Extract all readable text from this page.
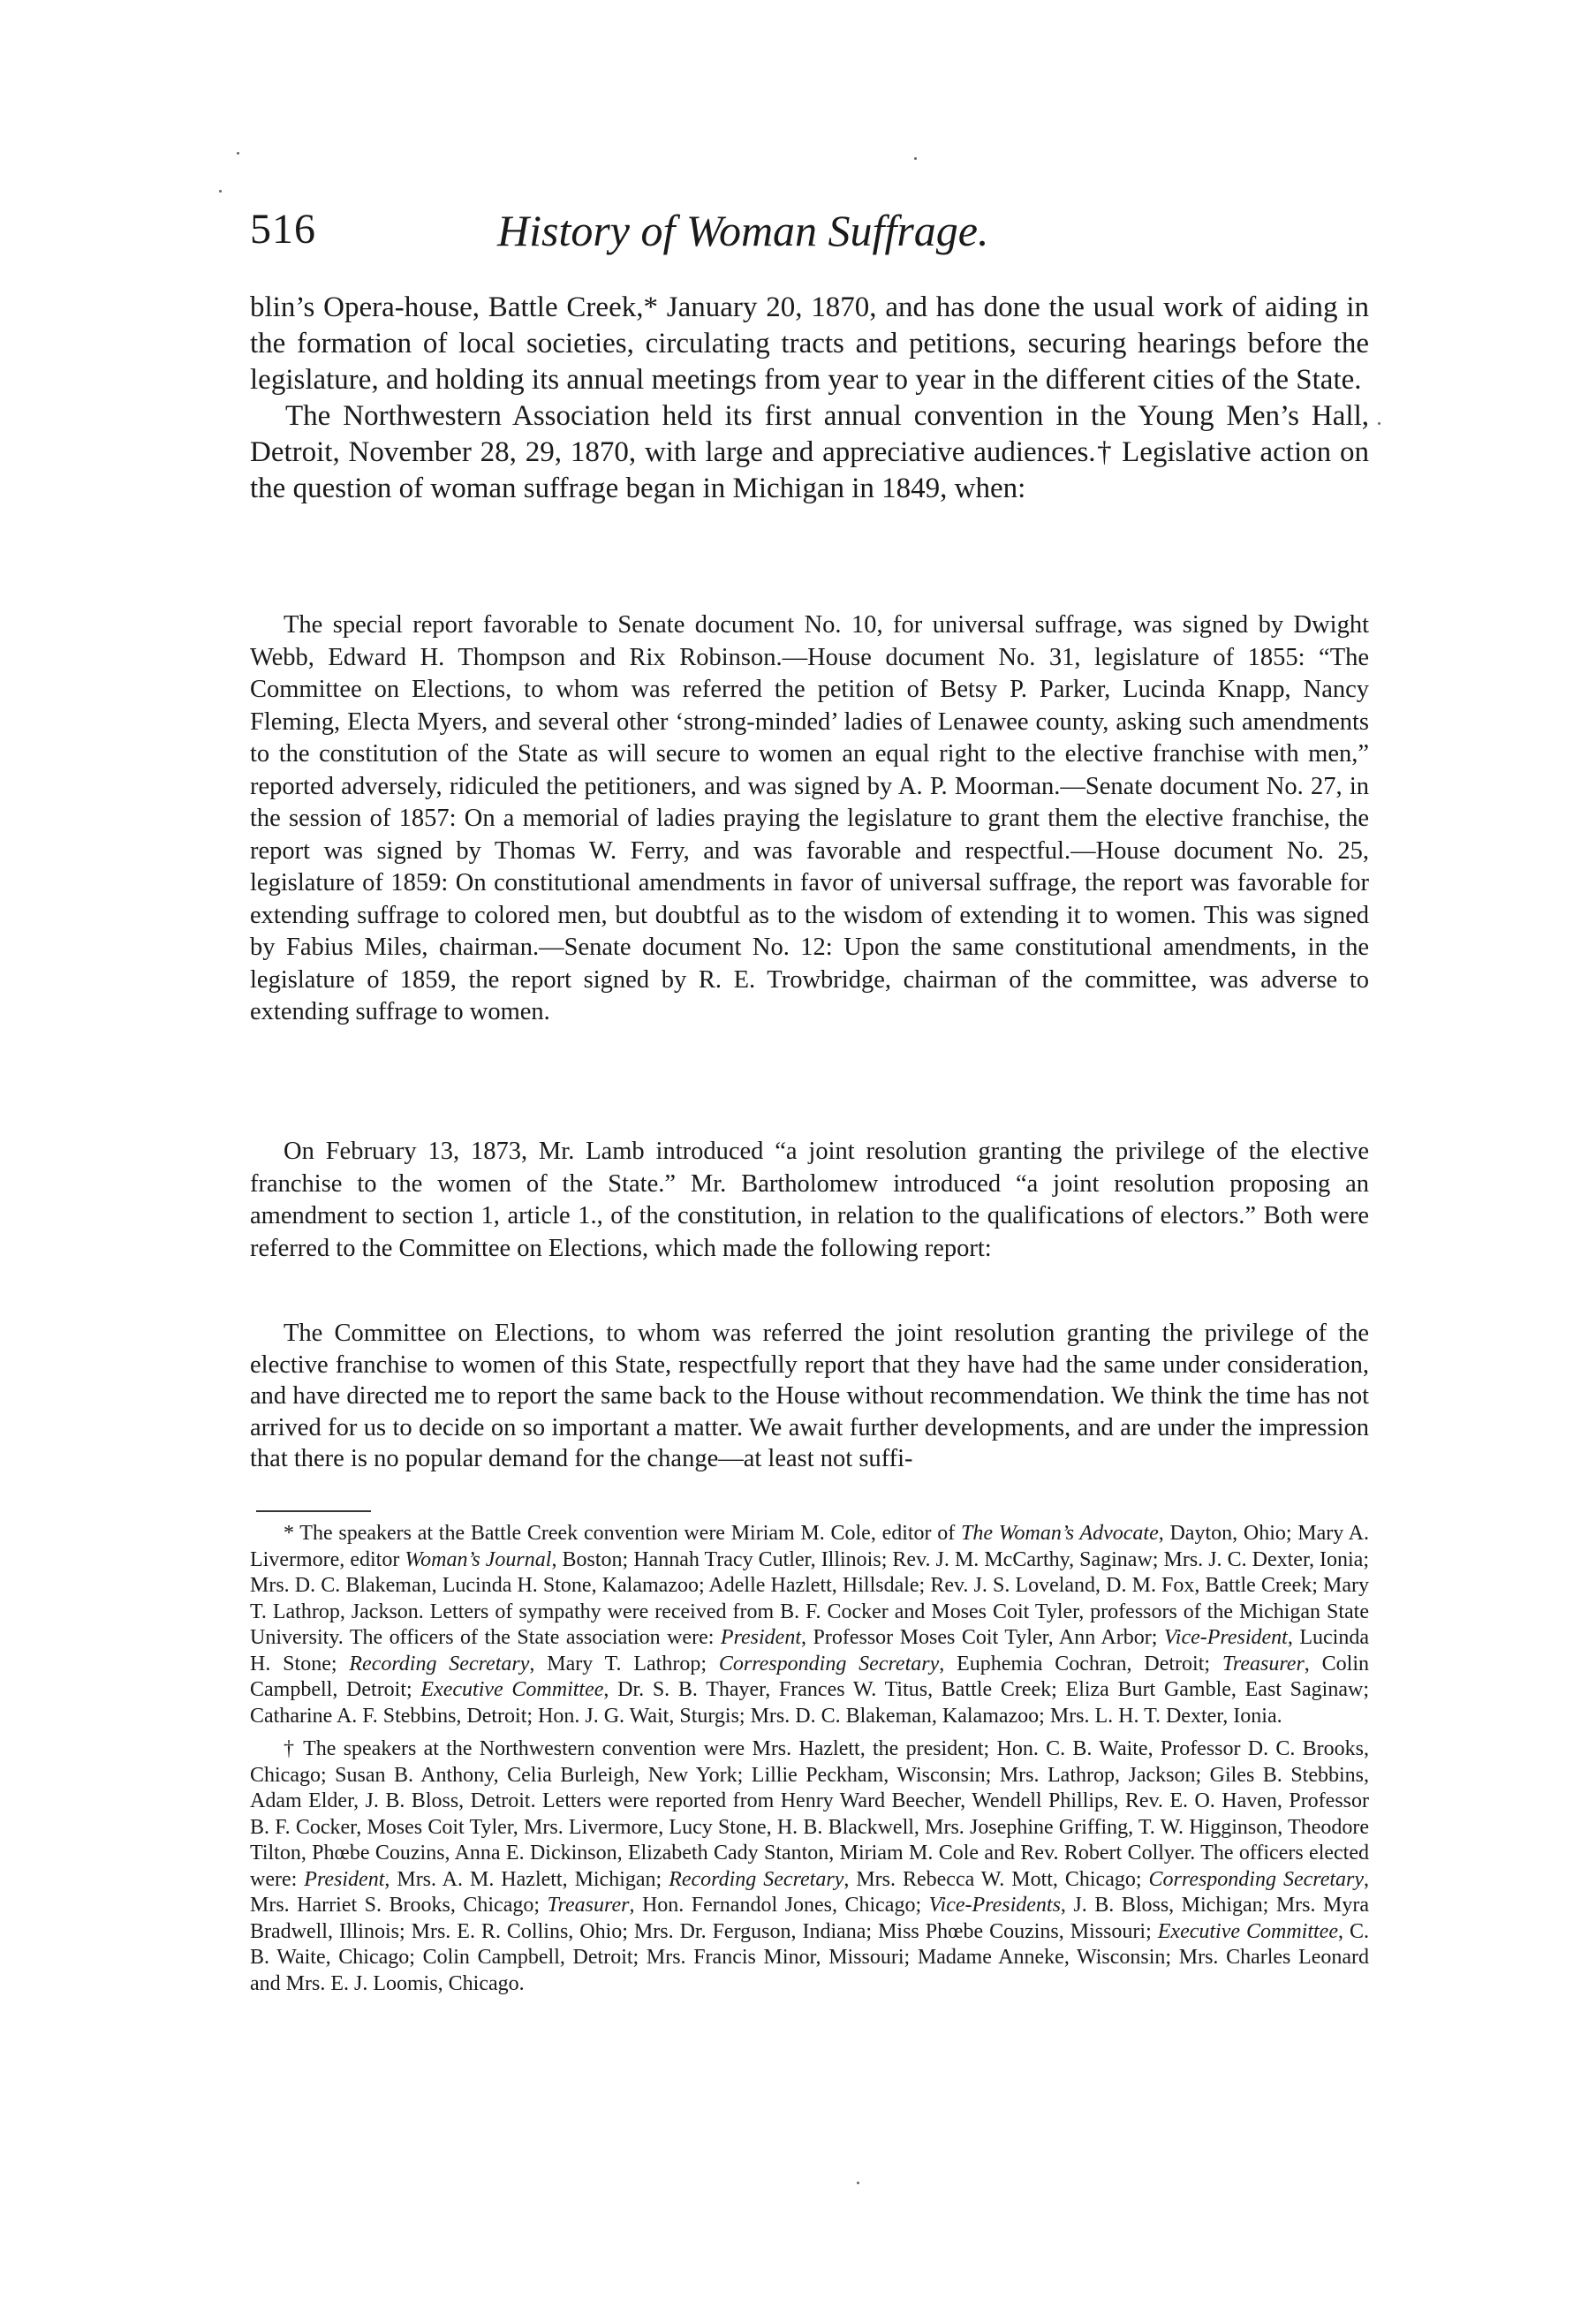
516	History of Woman Suffrage.

blin’s Opera-house, Battle Creek,* January 20, 1870, and has done the usual work of aiding in the formation of local societies, circulating tracts and petitions, securing hearings before the legislature, and holding its annual meetings from year to year in the different cities of the State.

The Northwestern Association held its first annual convention in the Young Men’s Hall, Detroit, November 28, 29, 1870, with large and appreciative audiences.† Legislative action on the question of woman suffrage began in Michigan in 1849, when:

The special report favorable to Senate document No. 10, for universal suffrage, was signed by Dwight Webb, Edward H. Thompson and Rix Robinson.—House document No. 31, legislature of 1855: “The Committee on Elections, to whom was referred the petition of Betsy P. Parker, Lucinda Knapp, Nancy Fleming, Electa Myers, and several other ‘strong-minded’ ladies of Lenawee county, asking such amendments to the constitution of the State as will secure to women an equal right to the elective franchise with men,” reported adversely, ridiculed the petitioners, and was signed by A. P. Moorman.—Senate document No. 27, in the session of 1857: On a memorial of ladies praying the legislature to grant them the elective franchise, the report was signed by Thomas W. Ferry, and was favorable and respectful.—House document No. 25, legislature of 1859: On constitutional amendments in favor of universal suffrage, the report was favorable for extending suffrage to colored men, but doubtful as to the wisdom of extending it to women. This was signed by Fabius Miles, chairman.—Senate document No. 12: Upon the same constitutional amendments, in the legislature of 1859, the report signed by R. E. Trowbridge, chairman of the committee, was adverse to extending suffrage to women.

On February 13, 1873, Mr. Lamb introduced “a joint resolution granting the privilege of the elective franchise to the women of the State.” Mr. Bartholomew introduced “a joint resolution proposing an amendment to section 1, article 1., of the constitution, in relation to the qualifications of electors.” Both were referred to the Committee on Elections, which made the following report:

The Committee on Elections, to whom was referred the joint resolution granting the privilege of the elective franchise to women of this State, respectfully report that they have had the same under consideration, and have directed me to report the same back to the House without recommendation. We think the time has not arrived for us to decide on so important a matter. We await further developments, and are under the impression that there is no popular demand for the change—at least not suffi-

* The speakers at the Battle Creek convention were Miriam M. Cole, editor of The Woman’s Advocate, Dayton, Ohio; Mary A. Livermore, editor Woman’s Journal, Boston; Hannah Tracy Cutler, Illinois; Rev. J. M. McCarthy, Saginaw; Mrs. J. C. Dexter, Ionia; Mrs. D. C. Blakeman, Lucinda H. Stone, Kalamazoo; Adelle Hazlett, Hillsdale; Rev. J. S. Loveland, D. M. Fox, Battle Creek; Mary T. Lathrop, Jackson. Letters of sympathy were received from B. F. Cocker and Moses Coit Tyler, professors of the Michigan State University. The officers of the State association were: President, Professor Moses Coit Tyler, Ann Arbor; Vice-President, Lucinda H. Stone; Recording Secretary, Mary T. Lathrop; Corresponding Secretary, Euphemia Cochran, Detroit; Treasurer, Colin Campbell, Detroit; Executive Committee, Dr. S. B. Thayer, Frances W. Titus, Battle Creek; Eliza Burt Gamble, East Saginaw; Catharine A. F. Stebbins, Detroit; Hon. J. G. Wait, Sturgis; Mrs. D. C. Blakeman, Kalamazoo; Mrs. L. H. T. Dexter, Ionia.

† The speakers at the Northwestern convention were Mrs. Hazlett, the president; Hon. C. B. Waite, Professor D. C. Brooks, Chicago; Susan B. Anthony, Celia Burleigh, New York; Lillie Peckham, Wisconsin; Mrs. Lathrop, Jackson; Giles B. Stebbins, Adam Elder, J. B. Bloss, Detroit. Letters were reported from Henry Ward Beecher, Wendell Phillips, Rev. E. O. Haven, Professor B. F. Cocker, Moses Coit Tyler, Mrs. Livermore, Lucy Stone, H. B. Blackwell, Mrs. Josephine Griffing, T. W. Higginson, Theodore Tilton, Phœbe Couzins, Anna E. Dickinson, Elizabeth Cady Stanton, Miriam M. Cole and Rev. Robert Collyer. The officers elected were: President, Mrs. A. M. Hazlett, Michigan; Recording Secretary, Mrs. Rebecca W. Mott, Chicago; Corresponding Secretary, Mrs. Harriet S. Brooks, Chicago; Treasurer, Hon. Fernandol Jones, Chicago; Vice-Presidents, J. B. Bloss, Michigan; Mrs. Myra Bradwell, Illinois; Mrs. E. R. Collins, Ohio; Mrs. Dr. Ferguson, Indiana; Miss Phœbe Couzins, Missouri; Executive Committee, C. B. Waite, Chicago; Colin Campbell, Detroit; Mrs. Francis Minor, Missouri; Madame Anneke, Wisconsin; Mrs. Charles Leonard and Mrs. E. J. Loomis, Chicago.
